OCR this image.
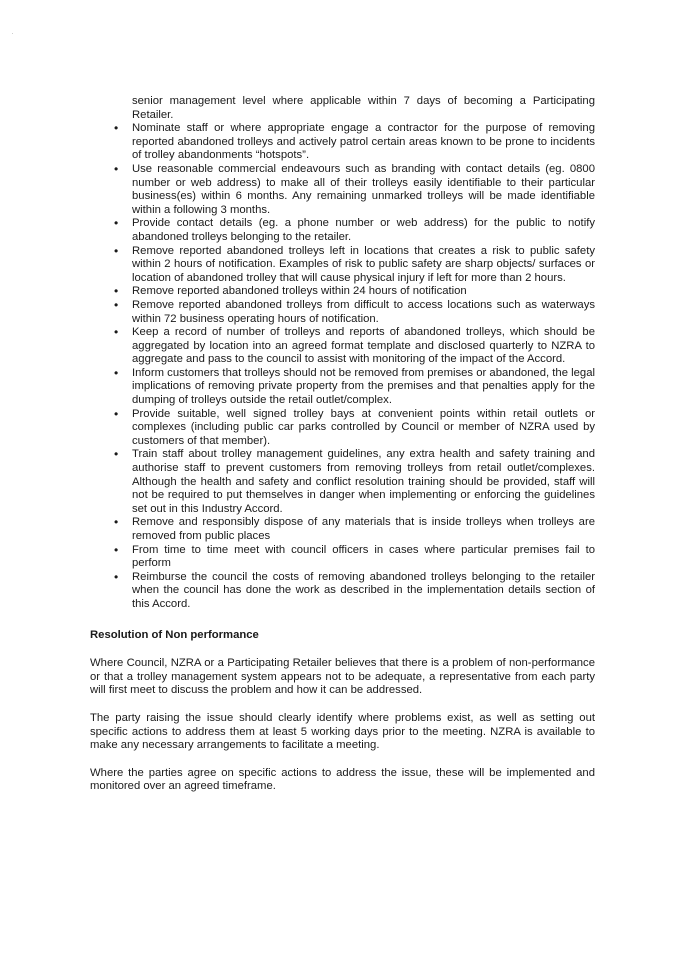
senior management level where applicable within 7 days of becoming a Participating Retailer.

• Nominate staff or where appropriate engage a contractor for the purpose of removing reported abandoned trolleys and actively patrol certain areas known to be prone to incidents of trolley abandonments “hotspots”.
• Use reasonable commercial endeavours such as branding with contact details (eg. 0800 number or web address) to make all of their trolleys easily identifiable to their particular business(es) within 6 months. Any remaining unmarked trolleys will be made identifiable within a following 3 months.
• Provide contact details (eg. a phone number or web address) for the public to notify abandoned trolleys belonging to the retailer.
• Remove reported abandoned trolleys left in locations that creates a risk to public safety within 2 hours of notification. Examples of risk to public safety are sharp objects/ surfaces or location of abandoned trolley that will cause physical injury if left for more than 2 hours.
• Remove reported abandoned trolleys within 24 hours of notification
• Remove reported abandoned trolleys from difficult to access locations such as waterways within 72 business operating hours of notification.
• Keep a record of number of trolleys and reports of abandoned trolleys, which should be aggregated by location into an agreed format template and disclosed quarterly to NZRA to aggregate and pass to the council to assist with monitoring of the impact of the Accord.
• Inform customers that trolleys should not be removed from premises or abandoned, the legal implications of removing private property from the premises and that penalties apply for the dumping of trolleys outside the retail outlet/complex.
• Provide suitable, well signed trolley bays at convenient points within retail outlets or complexes (including public car parks controlled by Council or member of NZRA used by customers of that member).
• Train staff about trolley management guidelines, any extra health and safety training and authorise staff to prevent customers from removing trolleys from retail outlet/complexes. Although the health and safety and conflict resolution training should be provided, staff will not be required to put themselves in danger when implementing or enforcing the guidelines set out in this Industry Accord.
• Remove and responsibly dispose of any materials that is inside trolleys when trolleys are removed from public places
• From time to time meet with council officers in cases where particular premises fail to perform
• Reimburse the council the costs of removing abandoned trolleys belonging to the retailer when the council has done the work as described in the implementation details section of this Accord.
Resolution of Non performance

Where Council, NZRA or a Participating Retailer believes that there is a problem of non-performance or that a trolley management system appears not to be adequate, a representative from each party will first meet to discuss the problem and how it can be addressed.

The party raising the issue should clearly identify where problems exist, as well as setting out specific actions to address them at least 5 working days prior to the meeting. NZRA is available to make any necessary arrangements to facilitate a meeting.

Where the parties agree on specific actions to address the issue, these will be implemented and monitored over an agreed timeframe.
